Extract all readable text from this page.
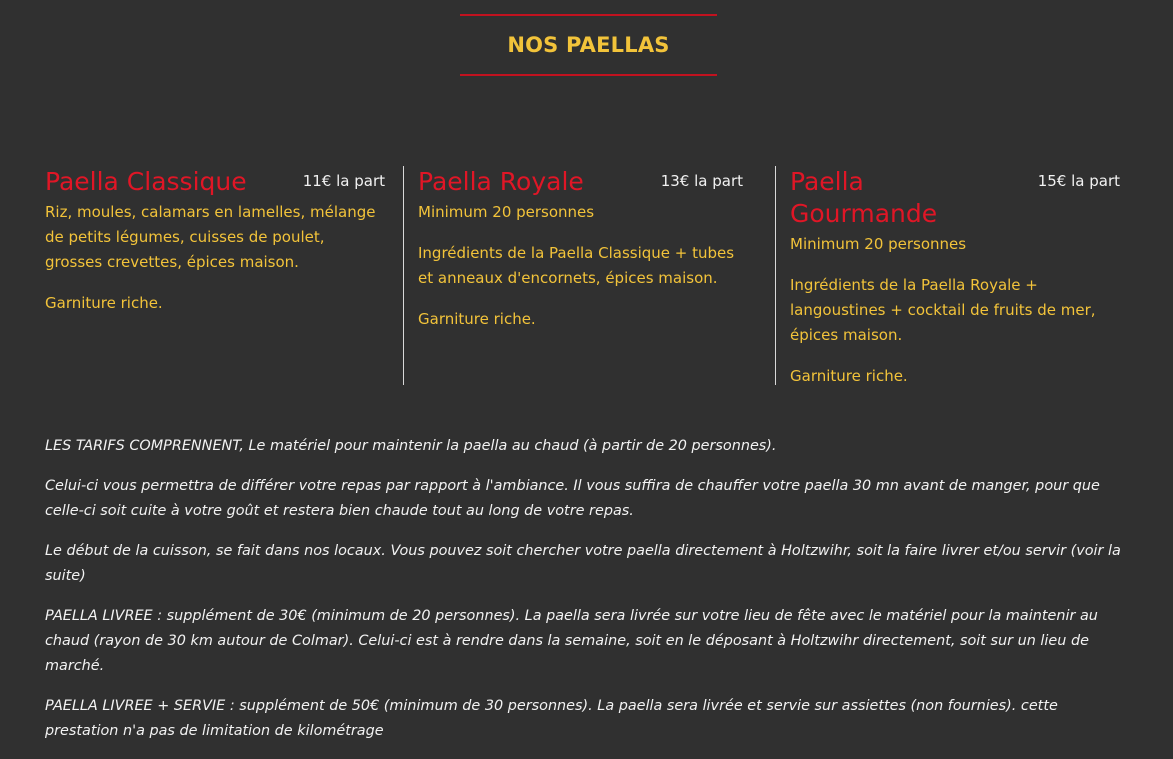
NOS PAELLAS
Paella Classique	11€ la part

Riz, moules, calamars en lamelles, mélange de petits légumes, cuisses de poulet, grosses crevettes, épices maison.

Garniture riche.

Paella Royale	13€ la part

Minimum 20 personnes

Ingrédients de la Paella Classique + tubes et anneaux d'encornets, épices maison.

Garniture riche.

Paella Gourmande
15€ la part

Minimum 20 personnes

Ingrédients de la Paella Royale + langoustines + cocktail de fruits de mer, épices maison.

Garniture riche.

LES TARIFS COMPRENNENT, Le matériel pour maintenir la paella au chaud (à partir de 20 personnes).

Celui-ci vous permettra de différer votre repas par rapport à l'ambiance. Il vous suffira de chauffer votre paella 30 mn avant de manger, pour que celle-ci soit cuite à votre goût et restera bien chaude tout au long de votre repas.

Le début de la cuisson, se fait dans nos locaux. Vous pouvez soit chercher votre paella directement à Holtzwihr, soit la faire livrer et/ou servir (voir la suite)

PAELLA LIVREE : supplément de 30€ (minimum de 20 personnes). La paella sera livrée sur votre lieu de fête avec le matériel pour la maintenir au chaud (rayon de 30 km autour de Colmar). Celui-ci est à rendre dans la semaine, soit en le déposant à Holtzwihr directement, soit sur un lieu de marché.

PAELLA LIVREE + SERVIE : supplément de 50€ (minimum de 30 personnes). La paella sera livrée et servie sur assiettes (non fournies). cette prestation n'a pas de limitation de kilométrage
